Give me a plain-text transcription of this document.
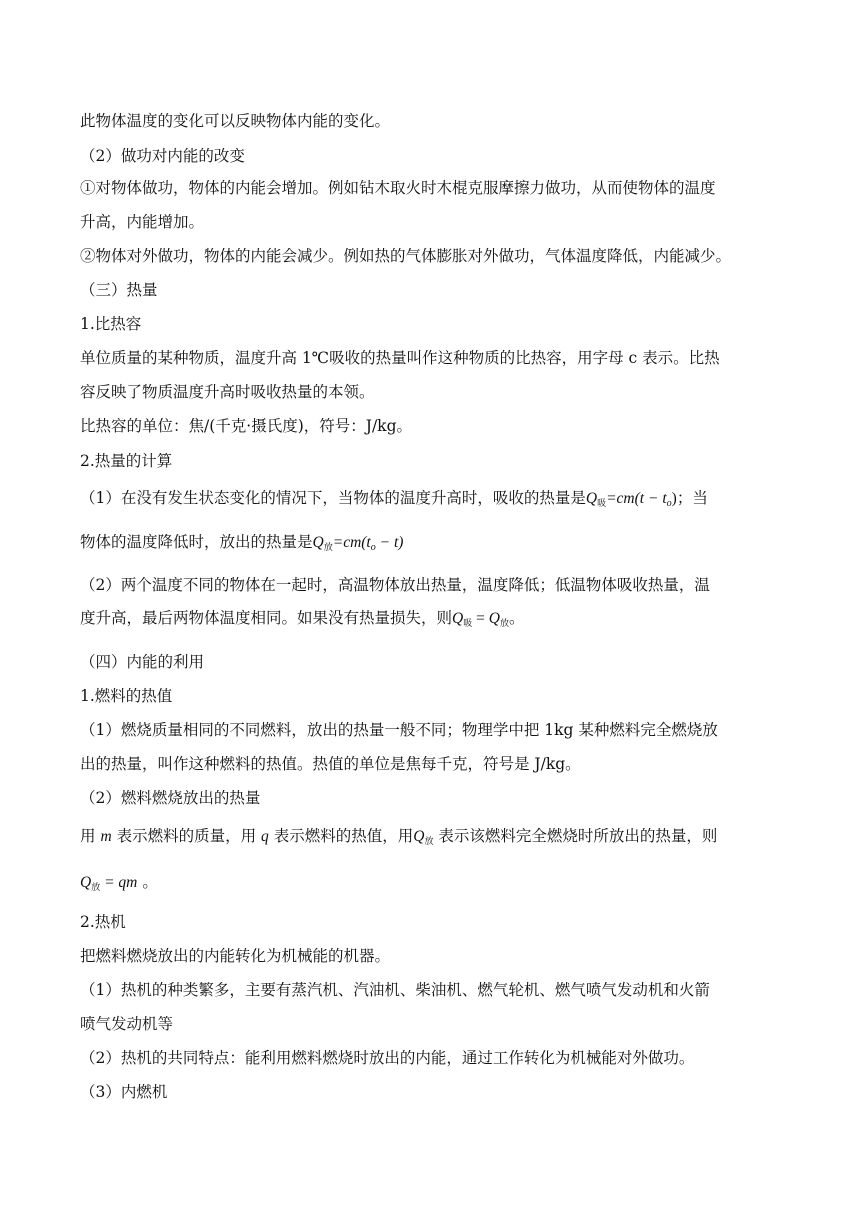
此物体温度的变化可以反映物体内能的变化。
（2）做功对内能的改变
①对物体做功，物体的内能会增加。例如钻木取火时木棍克服摩擦力做功，从而使物体的温度
升高，内能增加。
②物体对外做功，物体的内能会减少。例如热的气体膨胀对外做功，气体温度降低，内能减少。
（三）热量
1.比热容
单位质量的某种物质，温度升高 1℃吸收的热量叫作这种物质的比热容，用字母 c 表示。比热
容反映了物质温度升高时吸收热量的本领。
比热容的单位：焦/(千克·摄氏度)，符号：J/kg。
2.热量的计算
（1）在没有发生状态变化的情况下，当物体的温度升高时，吸收的热量是$Q_吸=cm(t - to)$；当
物体的温度降低时，放出的热量是$Q_放=cm(to - t)$
（2）两个温度不同的物体在一起时，高温物体放出热量，温度降低；低温物体吸收热量，温
度升高，最后两物体温度相同。如果没有热量损失，则$Q_吸 = Q_放$。
（四）内能的利用
1.燃料的热值
（1）燃烧质量相同的不同燃料，放出的热量一般不同；物理学中把 1kg 某种燃料完全燃烧放
出的热量，叫作这种燃料的热值。热值的单位是焦每千克，符号是 J/kg。
（2）燃料燃烧放出的热量
用 m 表示燃料的质量，用 q 表示燃料的热值，用$Q_放$ 表示该燃料完全燃烧时所放出的热量，则
$Q_放$ = qm 。
2.热机
把燃料燃烧放出的内能转化为机械能的机器。
（1）热机的种类繁多，主要有蒸汽机、汽油机、柴油机、燃气轮机、燃气喷气发动机和火箭
喷气发动机等
（2）热机的共同特点：能利用燃料燃烧时放出的内能，通过工作转化为机械能对外做功。
（3）内燃机
